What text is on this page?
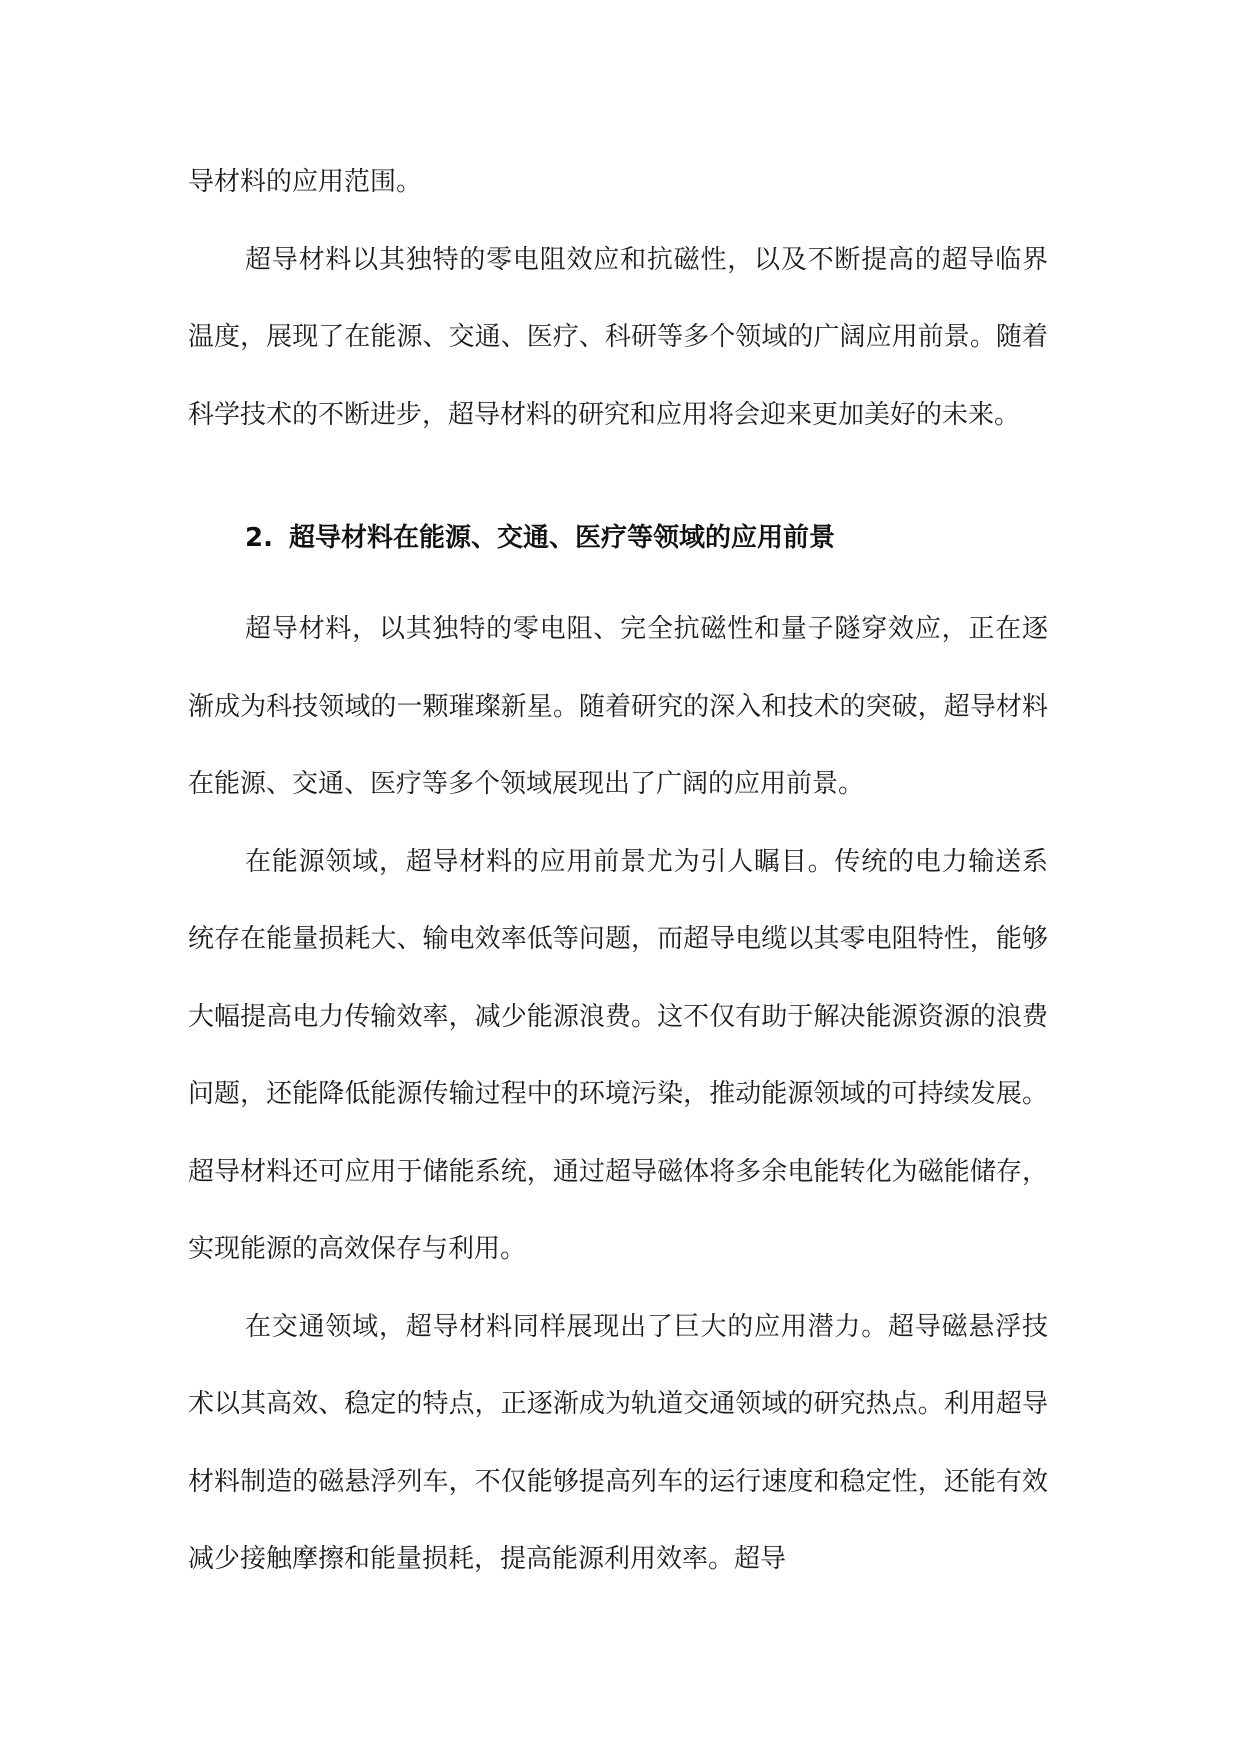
导材料的应用范围。

超导材料以其独特的零电阻效应和抗磁性，以及不断提高的超导临界温度，展现了在能源、交通、医疗、科研等多个领域的广阔应用前景。随着科学技术的不断进步，超导材料的研究和应用将会迎来更加美好的未来。

2. 超导材料在能源、交通、医疗等领域的应用前景

超导材料，以其独特的零电阻、完全抗磁性和量子隧穿效应，正在逐渐成为科技领域的一颗璀璨新星。随着研究的深入和技术的突破，超导材料在能源、交通、医疗等多个领域展现出了广阔的应用前景。

在能源领域，超导材料的应用前景尤为引人瞩目。传统的电力输送系统存在能量损耗大、输电效率低等问题，而超导电缆以其零电阻特性，能够大幅提高电力传输效率，减少能源浪费。这不仅有助于解决能源资源的浪费问题，还能降低能源传输过程中的环境污染，推动能源领域的可持续发展。超导材料还可应用于储能系统，通过超导磁体将多余电能转化为磁能储存，实现能源的高效保存与利用。

在交通领域，超导材料同样展现出了巨大的应用潜力。超导磁悬浮技术以其高效、稳定的特点，正逐渐成为轨道交通领域的研究热点。利用超导材料制造的磁悬浮列车，不仅能够提高列车的运行速度和稳定性，还能有效减少接触摩擦和能量损耗，提高能源利用效率。超导
